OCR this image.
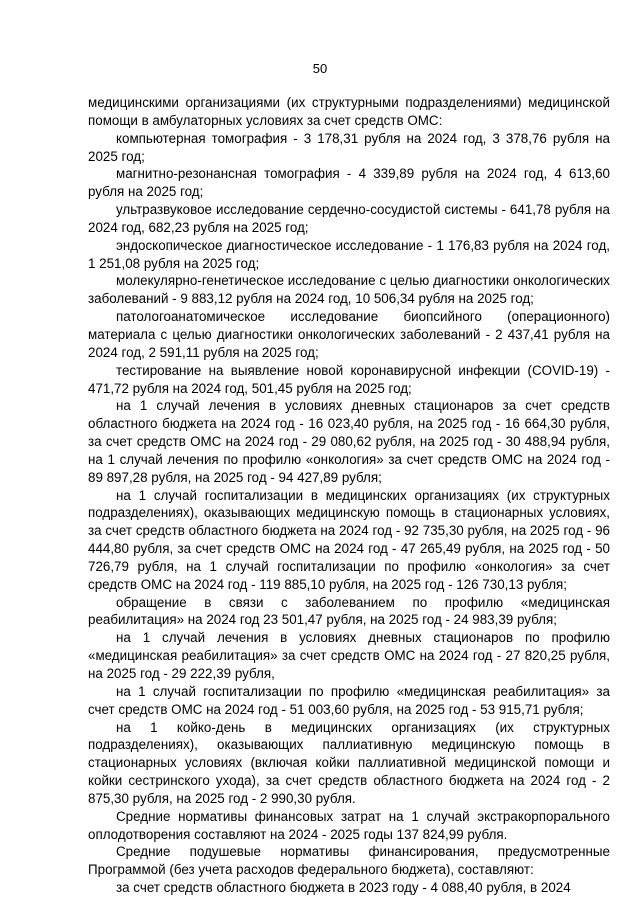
50

медицинскими организациями (их структурными подразделениями) медицинской помощи в амбулаторных условиях за счет средств ОМС:

компьютерная томография - 3 178,31 рубля на 2024 год, 3 378,76 рубля на 2025 год;

магнитно-резонансная томография - 4 339,89 рубля на 2024 год, 4 613,60 рубля на 2025 год;

ультразвуковое исследование сердечно-сосудистой системы - 641,78 рубля на 2024 год, 682,23 рубля на 2025 год;

эндоскопическое диагностическое исследование - 1 176,83 рубля на 2024 год, 1 251,08 рубля на 2025 год;

молекулярно-генетическое исследование с целью диагностики онкологических заболеваний - 9 883,12 рубля на 2024 год, 10 506,34 рубля на 2025 год;

патологоанатомическое исследование биопсийного (операционного) материала с целью диагностики онкологических заболеваний - 2 437,41 рубля на 2024 год, 2 591,11 рубля на 2025 год;

тестирование на выявление новой коронавирусной инфекции (COVID-19) - 471,72 рубля на 2024 год, 501,45 рубля на 2025 год;

на 1 случай лечения в условиях дневных стационаров за счет средств областного бюджета на 2024 год - 16 023,40 рубля, на 2025 год - 16 664,30 рубля, за счет средств ОМС на 2024 год - 29 080,62 рубля, на 2025 год - 30 488,94 рубля, на 1 случай лечения по профилю «онкология» за счет средств ОМС на 2024 год - 89 897,28 рубля, на 2025 год - 94 427,89 рубля;

на 1 случай госпитализации в медицинских организациях (их структурных подразделениях), оказывающих медицинскую помощь в стационарных условиях, за счет средств областного бюджета на 2024 год - 92 735,30 рубля, на 2025 год - 96 444,80 рубля, за счет средств ОМС на 2024 год - 47 265,49 рубля, на 2025 год - 50 726,79 рубля, на 1 случай госпитализации по профилю «онкология» за счет средств ОМС на 2024 год - 119 885,10 рубля, на 2025 год - 126 730,13 рубля;

обращение в связи с заболеванием по профилю «медицинская реабилитация» на 2024 год 23 501,47 рубля, на 2025 год - 24 983,39 рубля;

на 1 случай лечения в условиях дневных стационаров по профилю «медицинская реабилитация» за счет средств ОМС на 2024 год - 27 820,25 рубля, на 2025 год - 29 222,39 рубля,

на 1 случай госпитализации по профилю «медицинская реабилитация» за счет средств ОМС на 2024 год - 51 003,60 рубля, на 2025 год - 53 915,71 рубля;

на 1 койко-день в медицинских организациях (их структурных подразделениях), оказывающих паллиативную медицинскую помощь в стационарных условиях (включая койки паллиативной медицинской помощи и койки сестринского ухода), за счет средств областного бюджета на 2024 год - 2 875,30 рубля, на 2025 год - 2 990,30 рубля.

Средние нормативы финансовых затрат на 1 случай экстракорпорального оплодотворения составляют на 2024 - 2025 годы 137 824,99 рубля.

Средние подушевые нормативы финансирования, предусмотренные Программой (без учета расходов федерального бюджета), составляют:

за счет средств областного бюджета в 2023 году - 4 088,40 рубля, в 2024
